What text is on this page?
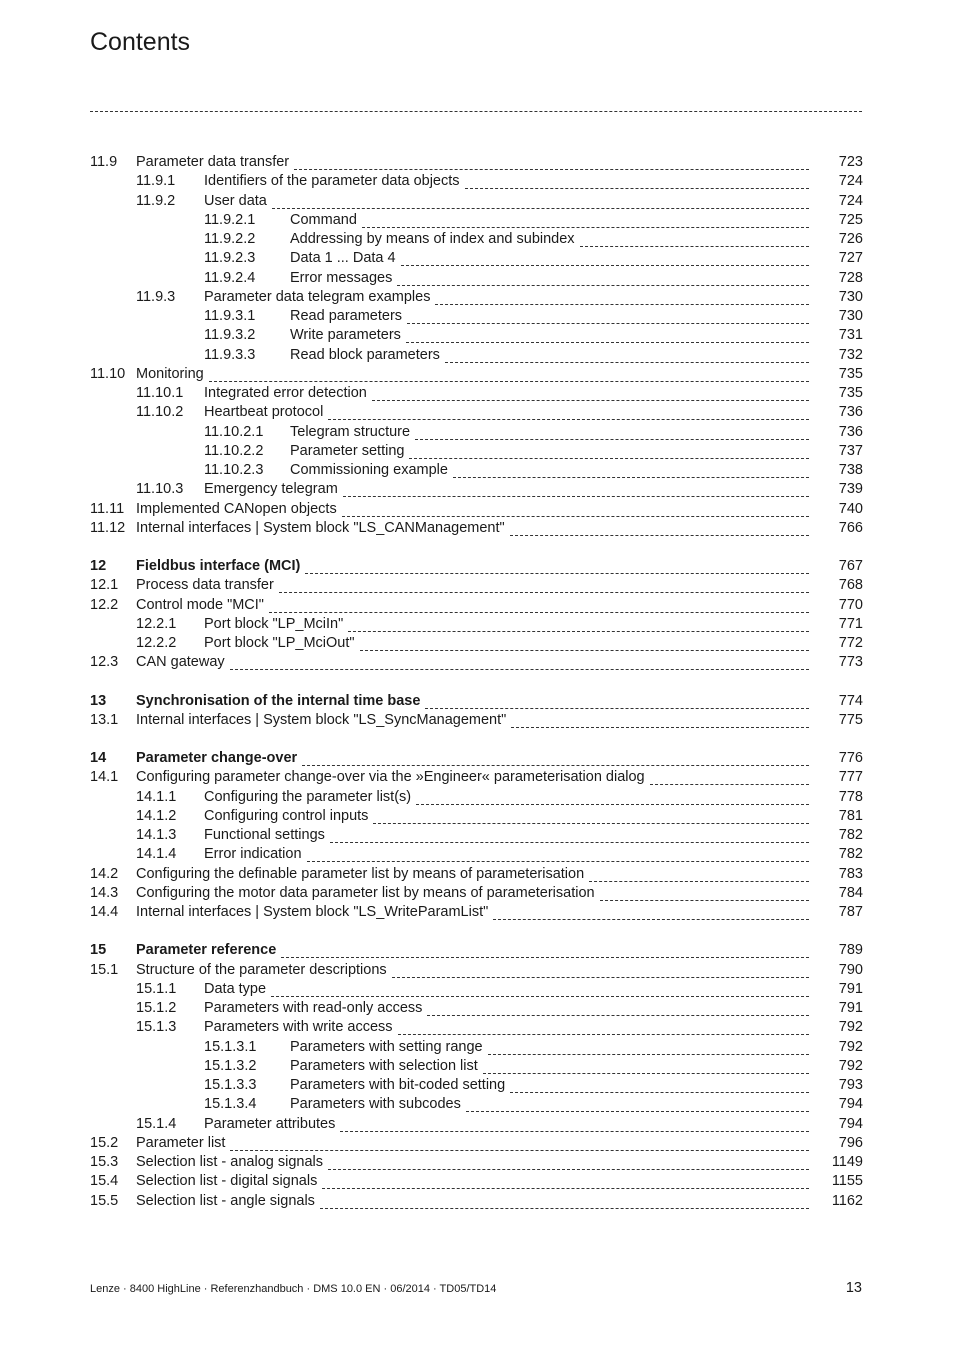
Contents
11.9 Parameter data transfer	723
11.9.1 Identifiers of the parameter data objects	724
11.9.2 User data	724
11.9.2.1 Command	725
11.9.2.2 Addressing by means of index and subindex	726
11.9.2.3 Data 1 ... Data 4	727
11.9.2.4 Error messages	728
11.9.3 Parameter data telegram examples	730
11.9.3.1 Read parameters	730
11.9.3.2 Write parameters	731
11.9.3.3 Read block parameters	732
11.10 Monitoring	735
11.10.1 Integrated error detection	735
11.10.2 Heartbeat protocol	736
11.10.2.1 Telegram structure	736
11.10.2.2 Parameter setting	737
11.10.2.3 Commissioning example	738
11.10.3 Emergency telegram	739
11.11 Implemented CANopen objects	740
11.12 Internal interfaces | System block "LS_CANManagement"	766
12 Fieldbus interface (MCI)	767
12.1 Process data transfer	768
12.2 Control mode "MCI"	770
12.2.1 Port block "LP_MciIn"	771
12.2.2 Port block "LP_MciOut"	772
12.3 CAN gateway	773
13 Synchronisation of the internal time base	774
13.1 Internal interfaces | System block "LS_SyncManagement"	775
14 Parameter change-over	776
14.1 Configuring parameter change-over via the »Engineer« parameterisation dialog	777
14.1.1 Configuring the parameter list(s)	778
14.1.2 Configuring control inputs	781
14.1.3 Functional settings	782
14.1.4 Error indication	782
14.2 Configuring the definable parameter list by means of parameterisation	783
14.3 Configuring the motor data parameter list by means of parameterisation	784
14.4 Internal interfaces | System block "LS_WriteParamList"	787
15 Parameter reference	789
15.1 Structure of the parameter descriptions	790
15.1.1 Data type	791
15.1.2 Parameters with read-only access	791
15.1.3 Parameters with write access	792
15.1.3.1 Parameters with setting range	792
15.1.3.2 Parameters with selection list	792
15.1.3.3 Parameters with bit-coded setting	793
15.1.3.4 Parameters with subcodes	794
15.1.4 Parameter attributes	794
15.2 Parameter list	796
15.3 Selection list - analog signals	1149
15.4 Selection list - digital signals	1155
15.5 Selection list - angle signals	1162
Lenze · 8400 HighLine · Referenzhandbuch · DMS 10.0 EN · 06/2014 · TD05/TD14	13
